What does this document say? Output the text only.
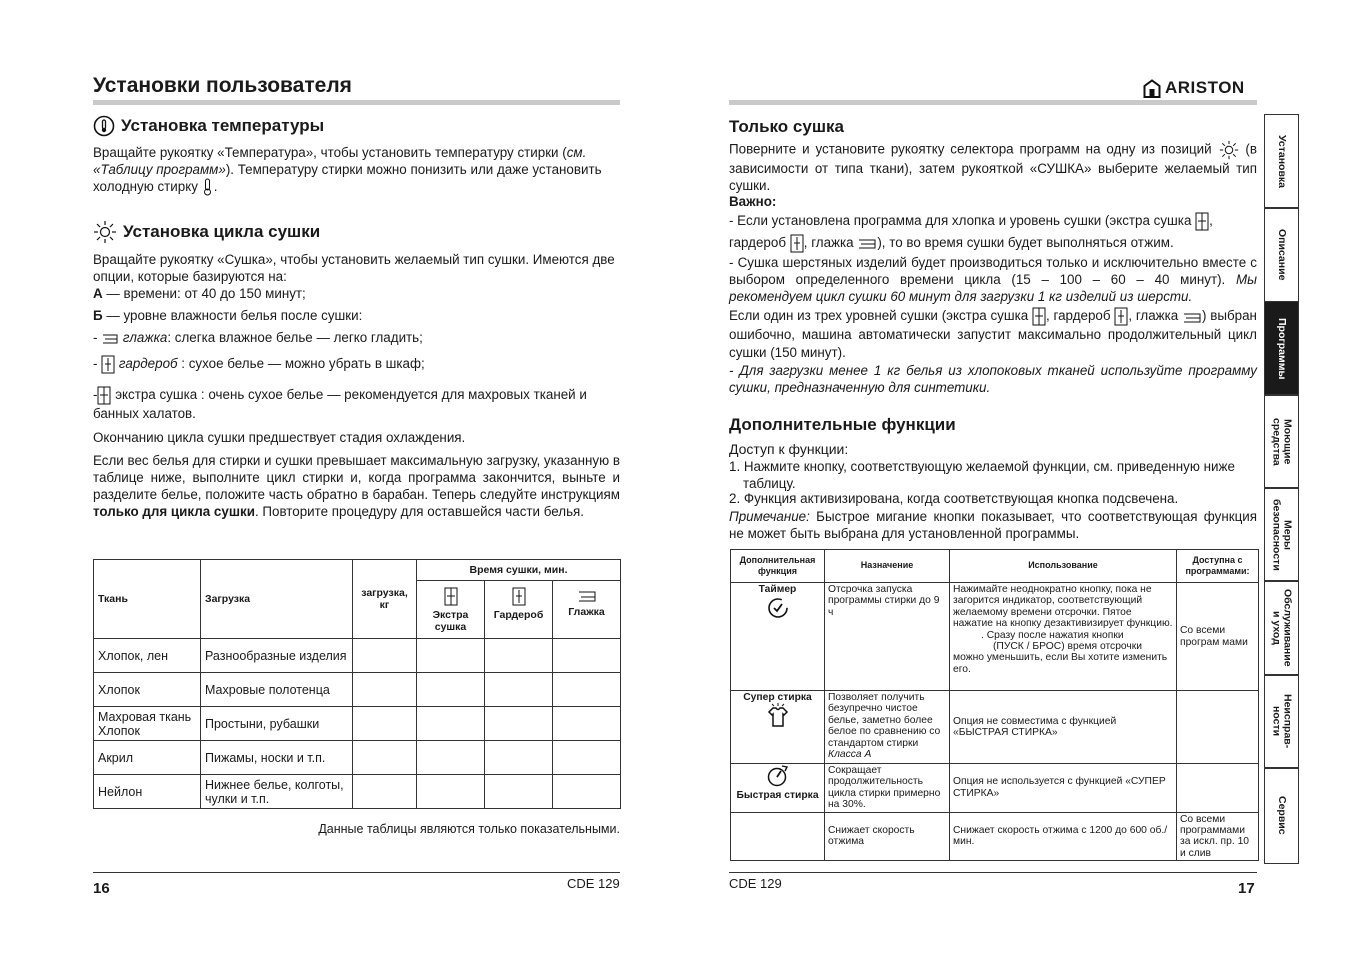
Установки пользователя
Установка температуры
Вращайте рукоятку «Температура», чтобы установить температуру стирки (см. «Таблицу программ»). Температуру стирки можно понизить или даже установить холодную стирку .
Установка цикла сушки
Вращайте рукоятку «Сушка», чтобы установить желаемый тип сушки. Имеются две опции, которые базируются на:
А — времени: от 40 до 150 минут;
Б — уровне влажности белья после сушки:
-  глажка: слегка влажное белье — легко гладить;
-  гардероб : сухое белье — можно убрать в шкаф;
- экстра сушка : очень сухое белье — рекомендуется для махровых тканей и банных халатов.
Окончанию цикла сушки предшествует стадия охлаждения.
Если вес белья для стирки и сушки превышает максимальную загрузку, указанную в таблице ниже, выполните цикл стирки и, когда программа закончится, выньте и разделите белье, положите часть обратно в барабан. Теперь следуйте инструкциям только для цикла сушки. Повторите процедуру для оставшейся части белья.
Ткань	Загрузка	загрузка, кг	Время сушки, мин.		

Экстра сушка	Гардероб	Глажка

Хлопок, лен	Разнообразные изделия				
Хлопок	Махровые полотенца				
Махровая ткань Хлопок	Простыни, рубашки				
Акрил	Пижамы, носки и т.п.				
Нейлон	Нижнее белье, колготы, чулки и т.п.				
Данные таблицы являются только показательными.
16	CDE 129
ARISTON
Только сушка
Поверните и установите рукоятку селектора программ на одну из позиций	(в зависимости от типа ткани), затем рукояткой «СУШКА» выберите желаемый тип сушки.
Важно:
- Если установлена программа для хлопка и уровень сушки (экстра сушка , гардероб , глажка ), то во время сушки будет выполняться отжим.
- Сушка шерстяных изделий будет производиться только и исключительно вместе с выбором определенного времени цикла (15 – 100 – 60 – 40 минут). Мы рекомендуем цикл сушки 60 минут для загрузки 1 кг изделий из шерсти.
Если один из трех уровней сушки (экстра сушка , гардероб , глажка ) выбран ошибочно, машина автоматически запустит максимально продолжительный цикл сушки (150 минут).
- Для загрузки менее 1 кг белья из хлопоковых тканей используйте программу сушки, предназначенную для синтетики.
Дополнительные функции
Доступ к функции:
1. Нажмите кнопку, соответствующую желаемой функции, см. приведенную ниже таблицу.
2. Функция активизирована, когда соответствующая кнопка подсвечена.
Примечание: Быстрое мигание кнопки показывает, что соответствующая функция не может быть выбрана для установленной программы.
Дополнительная функция	Назначение	Использование	Доступна с программами:
Таймер	Отсрочка запуска программы стирки до 9 ч	Нажимайте неоднократно кнопку, пока не загорится индикатор, соответствующий желаемому времени отсрочки. Пятое нажатие на кнопку дезактивизирует функцию.
. Сразу после нажатия кнопки
(ПУСК / БРОС) время отсрочки
можно уменьшить, если Вы хотите изменить его.	Со всеми програм мами
Супер стирка	Позволяет получить безупречно чистое белье, заметно более белое по сравнению со стандартом стирки Класса А	Опция не совместима с функцией «БЫСТРАЯ СТИРКА»	

Быстрая стирка	Сокращает продолжительность цикла стирки примерно на 30%.	Опция не используется с функцией «СУПЕР СТИРКА»	
	Снижает скорость отжима	Снижает скорость отжима с 1200 до 600 об./мин.	Со всеми программами за искл. пр. 10 и слив
CDE 129	17
Установка
Описание
Программы
Моющие
средства
Меры
безопасности
Обслуживание
и уход
Неисправ-
ности
Сервис
